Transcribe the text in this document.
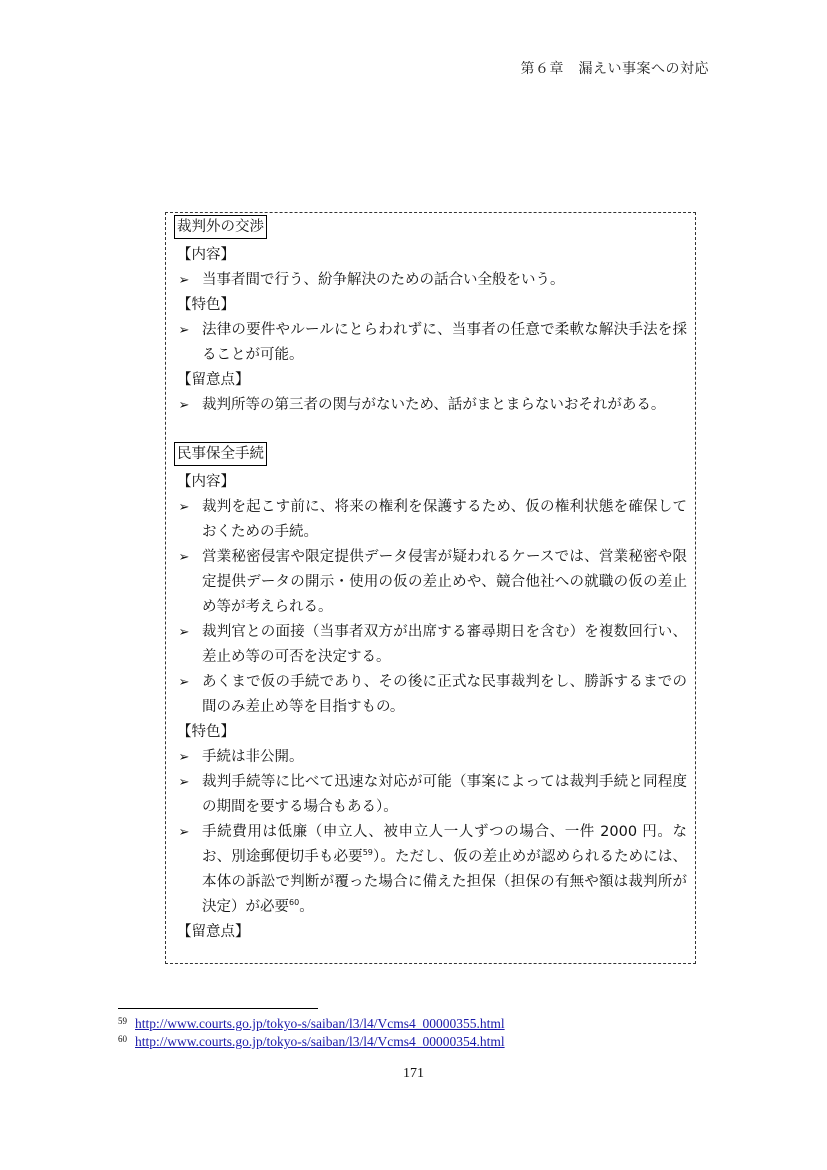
第６章　漏えい事案への対応
裁判外の交渉
【内容】
➢ 当事者間で行う、紛争解決のための話合い全般をいう。
【特色】
➢ 法律の要件やルールにとらわれずに、当事者の任意で柔軟な解決手法を採ることが可能。
【留意点】
➢ 裁判所等の第三者の関与がないため、話がまとまらないおそれがある。
民事保全手続
【内容】
➢ 裁判を起こす前に、将来の権利を保護するため、仮の権利状態を確保しておくための手続。
➢ 営業秘密侵害や限定提供データ侵害が疑われるケースでは、営業秘密や限定提供データの開示・使用の仮の差止めや、競合他社への就職の仮の差止め等が考えられる。
➢ 裁判官との面接（当事者双方が出席する審尋期日を含む）を複数回行い、差止め等の可否を決定する。
➢ あくまで仮の手続であり、その後に正式な民事裁判をし、勝訴するまでの間のみ差止め等を目指すもの。
【特色】
➢ 手続は非公開。
➢ 裁判手続等に比べて迅速な対応が可能（事案によっては裁判手続と同程度の期間を要する場合もある）。
➢ 手続費用は低廉（申立人、被申立人一人ずつの場合、一件 2000 円。なお、別途郵便切手も必要$^{59}$）。ただし、仮の差止めが認められるためには、本体の訴訟で判断が覆った場合に備えた担保（担保の有無や額は裁判所が決定）が必要$^{60}$。
【留意点】
$^{59}$ http://www.courts.go.jp/tokyo-s/saiban/l3/l4/Vcms4_00000355.html
$^{60}$ http://www.courts.go.jp/tokyo-s/saiban/l3/l4/Vcms4_00000354.html
171
